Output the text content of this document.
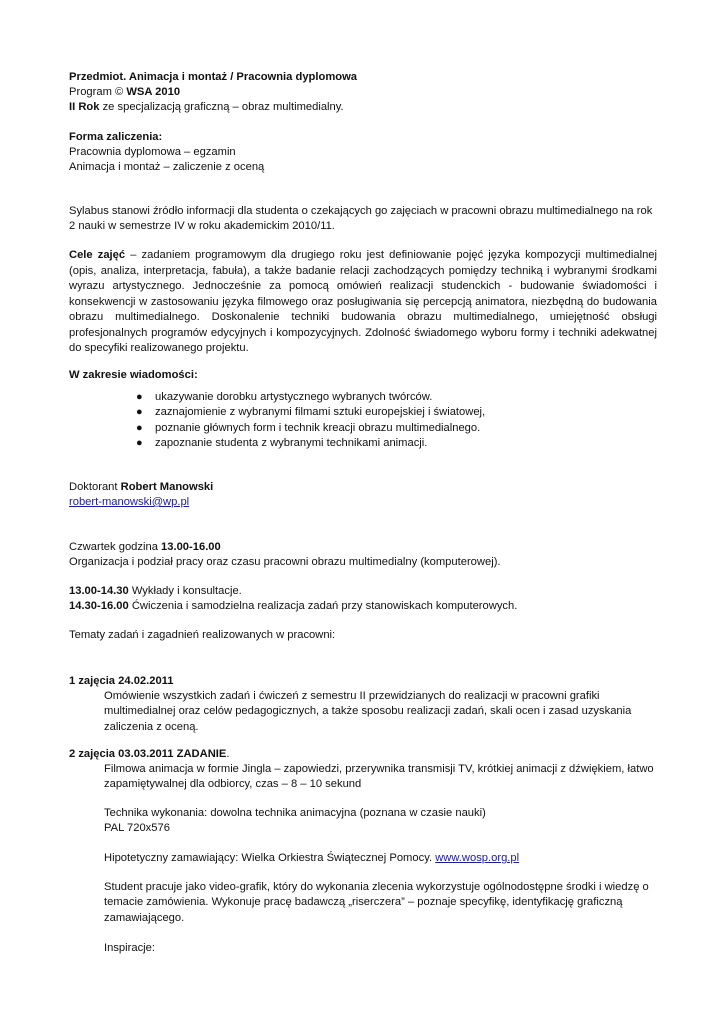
Przedmiot. Animacja i montaż / Pracownia dyplomowa
Program © WSA 2010
II Rok ze specjalizacją graficzną – obraz multimedialny.
Forma zaliczenia:
Pracownia dyplomowa – egzamin
Animacja i montaż – zaliczenie z oceną
Sylabus stanowi źródło informacji dla studenta o czekających go zajęciach w pracowni obrazu multimedialnego na rok 2 nauki w semestrze IV w roku akademickim 2010/11.
Cele zajęć – zadaniem programowym dla drugiego roku jest definiowanie pojęć języka kompozycji multimedialnej (opis, analiza, interpretacja, fabuła), a także badanie relacji zachodzących pomiędzy techniką i wybranymi środkami wyrazu artystycznego. Jednocześnie za pomocą omówień realizacji studenckich - budowanie świadomości i konsekwencji w zastosowaniu języka filmowego oraz posługiwania się percepcją animatora, niezbędną do budowania obrazu multimedialnego. Doskonalenie techniki budowania obrazu multimedialnego, umiejętność obsługi profesjonalnych programów edycyjnych i kompozycyjnych. Zdolność świadomego wyboru formy i techniki adekwatnej do specyfiki realizowanego projektu.
W zakresie wiadomości:
● ukazywanie dorobku artystycznego wybranych twórców.
● zaznajomienie z wybranymi filmami sztuki europejskiej i światowej,
● poznanie głównych form i technik kreacji obrazu multimedialnego.
● zapoznanie studenta z wybranymi technikami animacji.
Doktorant Robert Manowski
robert-manowski@wp.pl
Czwartek godzina 13.00-16.00
Organizacja i podział pracy oraz czasu pracowni obrazu multimedialny (komputerowej).
13.00-14.30 Wykłady i konsultacje.
14.30-16.00 Ćwiczenia i samodzielna realizacja zadań przy stanowiskach komputerowych.
Tematy zadań i zagadnień realizowanych w pracowni:
1 zajęcia 24.02.2011
Omówienie wszystkich zadań i ćwiczeń z semestru II przewidzianych do realizacji w pracowni grafiki multimedialnej oraz celów pedagogicznych, a także sposobu realizacji zadań, skali ocen i zasad uzyskania zaliczenia z oceną.
2 zajęcia 03.03.2011 ZADANIE.
Filmowa animacja w formie Jingla – zapowiedzi, przerywnika transmisji TV, krótkiej animacji z dźwiękiem, łatwo zapamiętywalnej dla odbiorcy, czas – 8 – 10 sekund
Technika wykonania: dowolna technika animacyjna (poznana w czasie nauki)
PAL 720x576
Hipotetyczny zamawiający: Wielka Orkiestra Świątecznej Pomocy. www.wosp.org.pl
Student pracuje jako video-grafik, który do wykonania zlecenia wykorzystuje ogólnodostępne środki i wiedzę o temacie zamówienia. Wykonuje pracę badawczą „riserczera” – poznaje specyfikę, identyfikację graficzną zamawiającego.
Inspiracje:
